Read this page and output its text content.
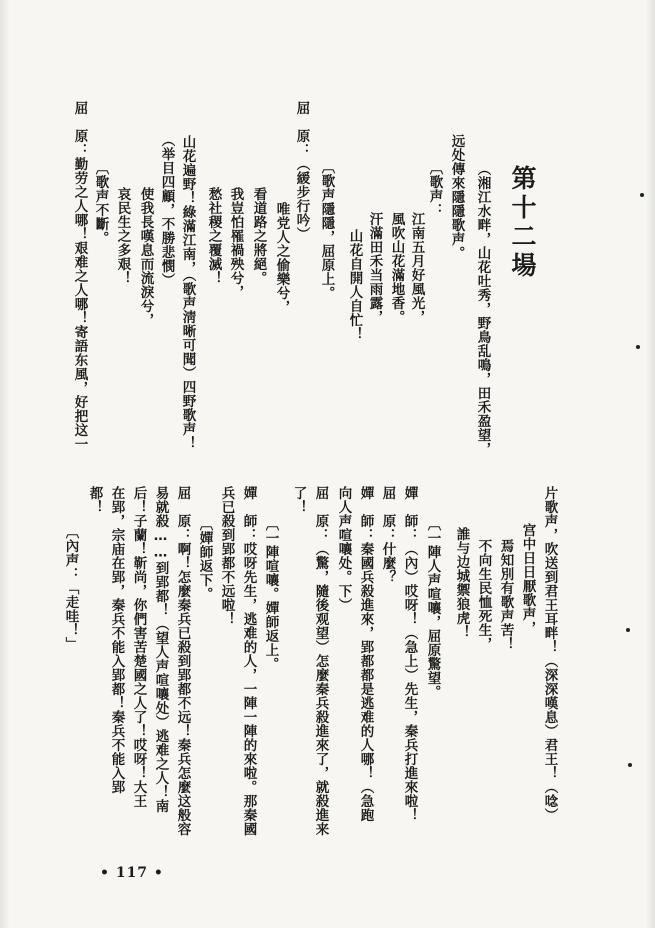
第十二場
（湘江水畔，山花吐秀，野鳥乱鳴，田禾盈望，
远处傳來隱隱歌声。
〔歌声：
江南五月好風光，
風吹山花滿地香。
汗滿田禾当雨露，
山花自開人自忙！
〔歌声隱隱，屈原上。
屈　原：（緩步行吟）
唯党人之偷樂兮，
看道路之將絕。
我豈怕罹禍殃兮，
愁社稷之覆滅！
山花遍野！綠滿江南，（歌声淸晰可聞）四野歌声！
（举目四顧，不勝悲憫）
使我長嘆息而流淚兮，
哀民生之多艰！
〔歌声不斷。
屈　原：勤劳之人哪！艰难之人哪！寄語东風，好把这一
片歌声，吹送到君王耳畔！（深深嘆息）君王！（唸）
宫中日日厭歌声，
焉知別有歌声苦！
不向生民恤死生，
誰与边城禦狼虎！
〔一陣人声喧嚷，屈原驚望。
嬋　師：（內）哎呀！（急上）先生，秦兵打進來啦！
屈　原：什麼？
嬋　師：秦國兵殺進來，郢都都是逃难的人哪！（急跑
向人声喧嚷处。下）
屈　原：（驚，隨後观望）怎麼秦兵殺進來了，就殺進来
了！
〔一陣喧嚷。嬋師返上。
嬋　師：哎呀先生，逃难的人，一陣一陣的來啦。那秦國
兵已殺到郢都不远啦！
〔嬋師返下。
屈　原：啊！怎麼秦兵已殺到郢都不远！秦兵怎麼这般容
易就殺……到郢都！（望人声喧嚷处）逃难之人！南
后！子蘭！靳尚，你們害苦楚國之人了！哎呀！大王
在郢，宗庙在郢，秦兵不能入郢都！秦兵不能入郢
都！
〔內声：「走哇！」
• 117 •
